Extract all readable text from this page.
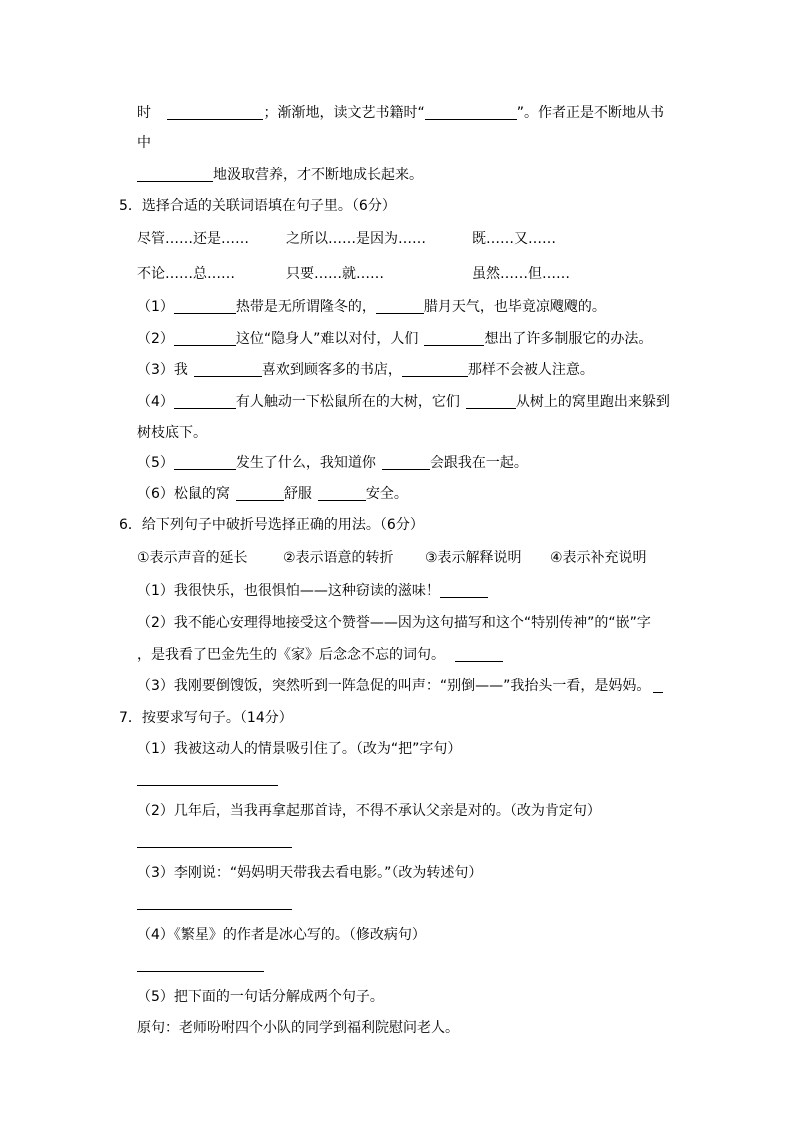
时	；渐渐地，读文艺书籍时“	”。作者正是不断地从书
中
地汲取营养，才不断地成长起来。
5．选择合适的关联词语填在句子里。（6分）
尽管……还是……	之所以……是因为……	既……又……
不论……总……	只要……就……	虽然……但……
（1）	热带是无所谓隆冬的，	腊月天气，也毕竟凉飕飕的。
（2）	这位“隐身人”难以对付，人们	想出了许多制服它的办法。
（3）我	喜欢到顾客多的书店，	那样不会被人注意。
（4）	有人触动一下松鼠所在的大树，它们	从树上的窝里跑出来躲到
树枝底下。
（5）	发生了什么，我知道你	会跟我在一起。
（6）松鼠的窝	舒服	安全。
6．给下列句子中破折号选择正确的用法。（6分）
①表示声音的延长	②表示语意的转折 ③表示解释说明 ④表示补充说明
（1）我很快乐，也很惧怕——这种窃读的滋味！
（2）我不能心安理得地接受这个赞誉——因为这句描写和这个“特别传神”的“嵌”字
，是我看了巴金先生的《家》后念念不忘的词句。
（3）我刚要倒馊饭，突然听到一阵急促的叫声：“别倒——”我抬头一看，是妈妈。
7．按要求写句子。（14分）
（1）我被这动人的情景吸引住了。（改为“把”字句）
（2）几年后，当我再拿起那首诗，不得不承认父亲是对的。（改为肯定句）
（3）李刚说：“妈妈明天带我去看电影。”（改为转述句）
（4）《繁星》的作者是冰心写的。（修改病句）
（5）把下面的一句话分解成两个句子。
原句：老师吩咐四个小队的同学到福利院慰问老人。
